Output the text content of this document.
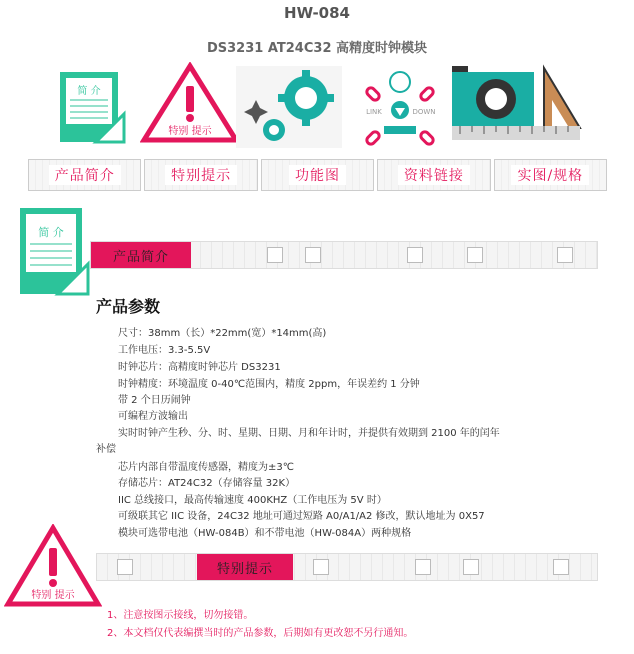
HW-084
DS3231 AT24C32 高精度时钟模块
简 介
特别 提示
LINK	DOWN
产品简介	特别提示	功能图	资料链接	实图/规格
简 介
产品简介
产品参数
尺寸：38mm（长）*22mm(宽）*14mm(高)
工作电压：3.3-5.5V
时钟芯片：高精度时钟芯片 DS3231
时钟精度：环境温度 0-40℃范围内，精度 2ppm，年误差约 1 分钟
带 2 个日历闹钟
可编程方波输出
实时时钟产生秒、分、时、星期、日期、月和年计时，并提供有效期到 2100 年的闰年
补偿
芯片内部自带温度传感器，精度为±3℃
存储芯片：AT24C32（存储容量 32K）
IIC 总线接口，最高传输速度 400KHZ（工作电压为 5V 时）
可级联其它 IIC 设备，24C32 地址可通过短路 A0/A1/A2 修改，默认地址为 0X57
模块可选带电池（HW-084B）和不带电池（HW-084A）两种规格
特别 提示
特别提示
1、注意按图示接线，切勿接错。
2、本文档仅代表编撰当时的产品参数，后期如有更改恕不另行通知。
